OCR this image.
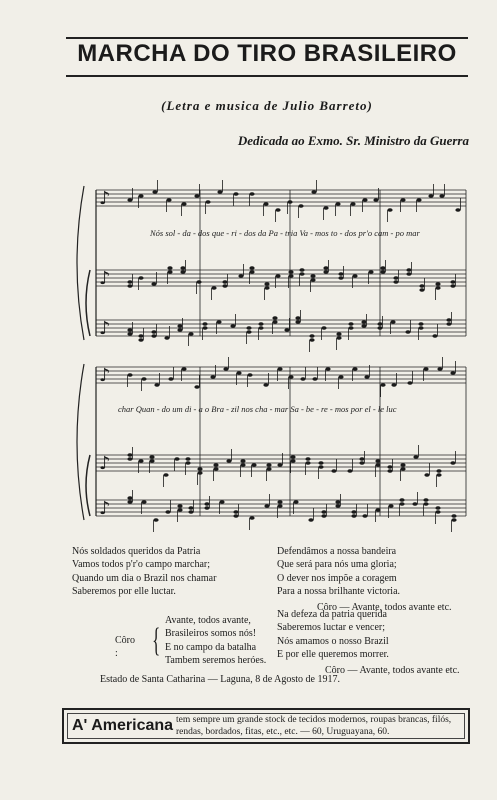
MARCHA DO TIRO BRASILEIRO
(Letra e musica de Julio Barreto)
Dedicada ao Exmo. Sr. Ministro da Guerra
♪
♪
♪
♪
♪
♪
Nós sol - da - dos que - ri - dos da Pa - tria Va - mos to - dos pr'o cam - po mar
char Quan - do um di - a o Bra - zil nos cha - mar Sa - be - re - mos por el - le luc
Nós soldados queridos da Patria
Vamos todos p'r'o campo marchar;
Quando um dia o Brazil nos chamar
Saberemos por elle luctar.
Defendâmos a nossa bandeira
Que será para nós uma gloria;
O dever nos impõe a coragem
Para a nossa brilhante victoria.
Côro — Avante, todos avante etc.
Na defeza da patria querida
Saberemos luctar e vencer;
Nós amamos o nosso Brazil
E por elle queremos morrer.
Côro — Avante, todos avante etc.
Côro :	{
Avante, todos avante,
Brasileiros somos nós!
E no campo da batalha
Tambem seremos heróes.
Estado de Santa Catharina — Laguna, 8 de Agosto de 1917.
A' Americana tem sempre um grande stock de tecidos modernos, roupas brancas, filós, rendas, bordados, fitas, etc., etc. — 60, Uruguayana, 60.
